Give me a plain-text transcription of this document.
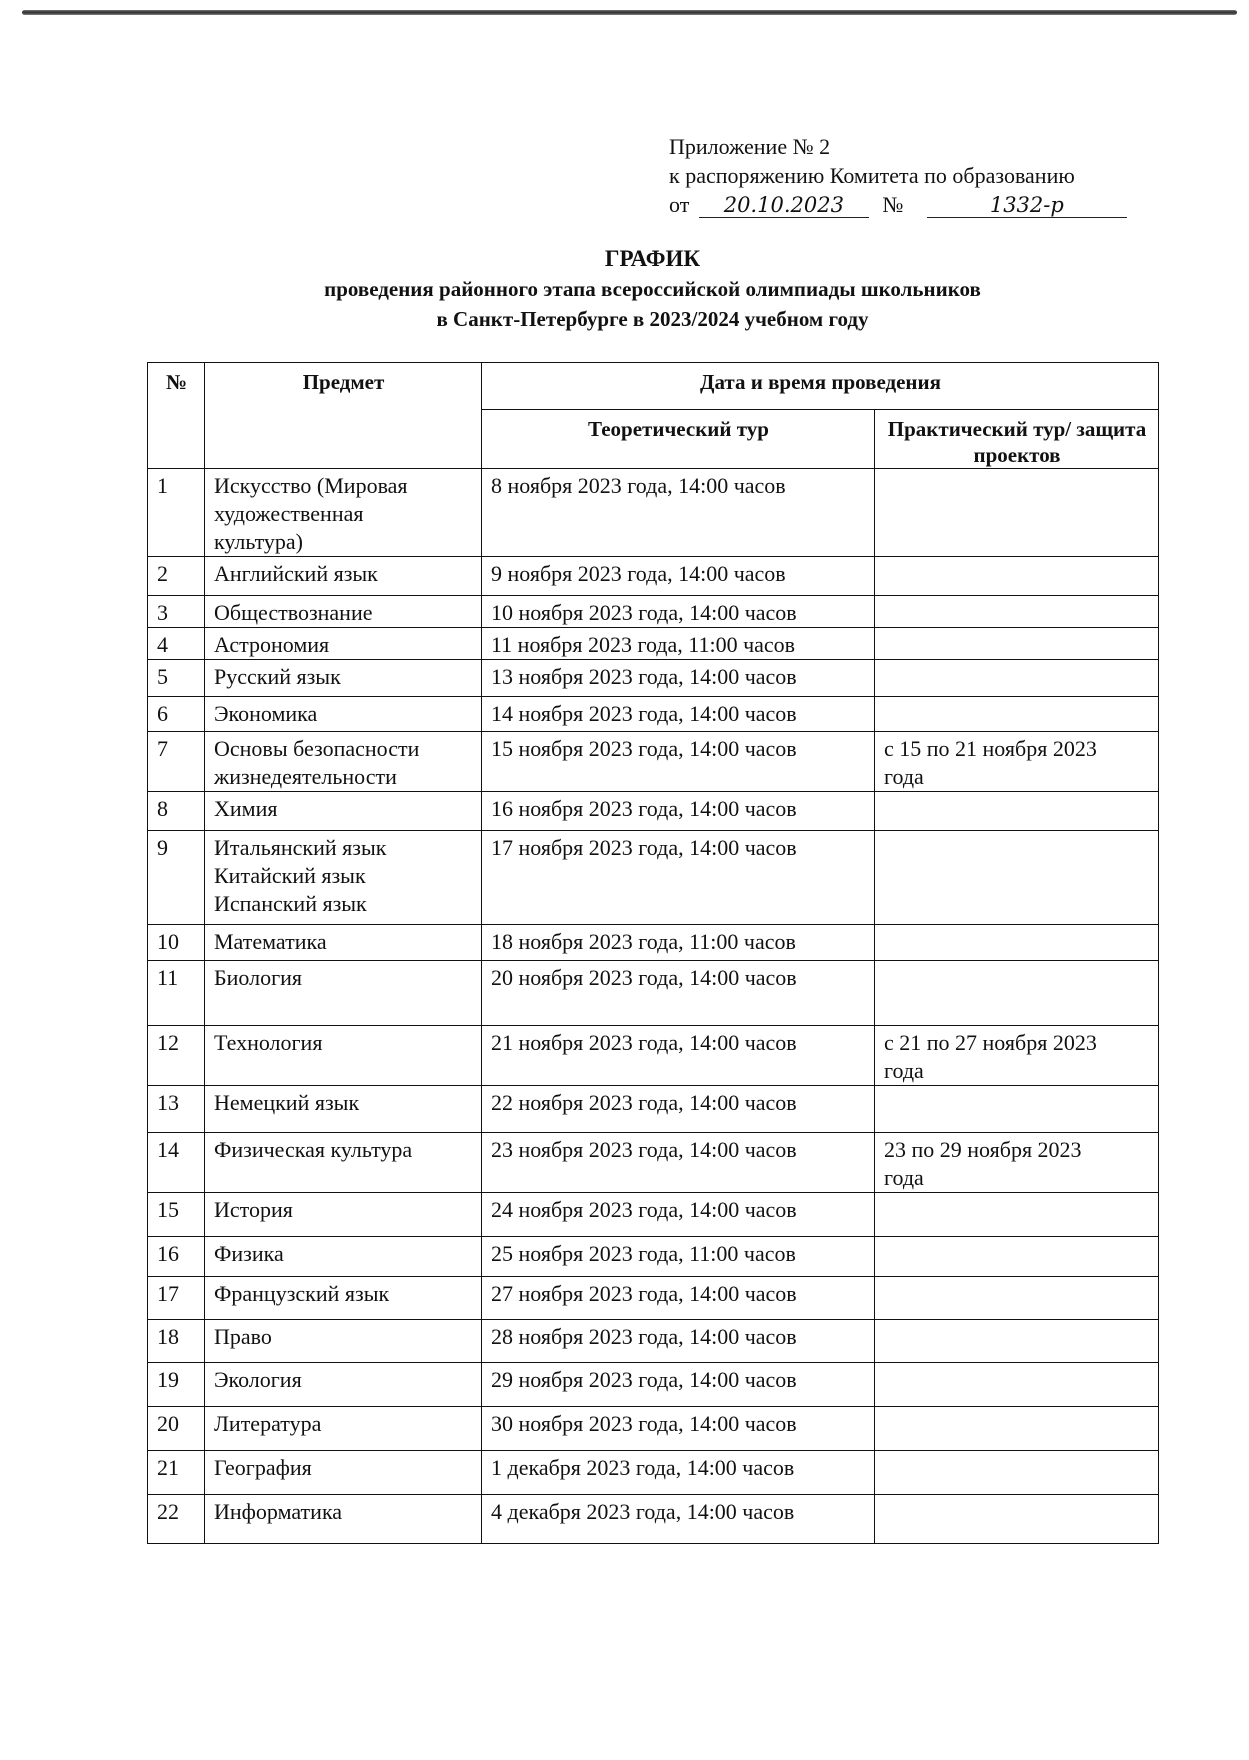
Приложение № 2
к распоряжению Комитета по образованию
от 20.10.2023 №	1332-р
ГРАФИК
проведения районного этапа всероссийской олимпиады школьников
в Санкт-Петербурге в 2023/2024 учебном году
№	Предмет	Дата и время проведения	
		Теоретический тур	Практический тур/ защита проектов
1	Искусство (Мировая
художественная
культура)	8 ноября 2023 года, 14:00 часов	

2	Английский язык	9 ноября 2023 года, 14:00 часов	

3	Обществознание	10 ноября 2023 года, 14:00 часов	

4	Астрономия	11 ноября 2023 года, 11:00 часов	

5	Русский язык	13 ноября 2023 года, 14:00 часов	

6	Экономика	14 ноября 2023 года, 14:00 часов	

7	Основы безопасности
жизнедеятельности	15 ноября 2023 года, 14:00 часов	с 15 по 21 ноября 2023
года

8	Химия	16 ноября 2023 года, 14:00 часов	

9	Итальянский язык
Китайский язык
Испанский язык	17 ноября 2023 года, 14:00 часов	

10	Математика	18 ноября 2023 года, 11:00 часов	

11	Биология	20 ноября 2023 года, 14:00 часов	

12	Технология	21 ноября 2023 года, 14:00 часов	с 21 по 27 ноября 2023
года

13	Немецкий язык	22 ноября 2023 года, 14:00 часов	

14	Физическая культура	23 ноября 2023 года, 14:00 часов	23 по 29 ноября 2023
года

15	История	24 ноября 2023 года, 14:00 часов	

16	Физика	25 ноября 2023 года, 11:00 часов	

17	Французский язык	27 ноября 2023 года, 14:00 часов	

18	Право	28 ноября 2023 года, 14:00 часов	

19	Экология	29 ноября 2023 года, 14:00 часов	

20	Литература	30 ноября 2023 года, 14:00 часов	

21	География	1 декабря 2023 года, 14:00 часов	

22	Информатика	4 декабря 2023 года, 14:00 часов	
